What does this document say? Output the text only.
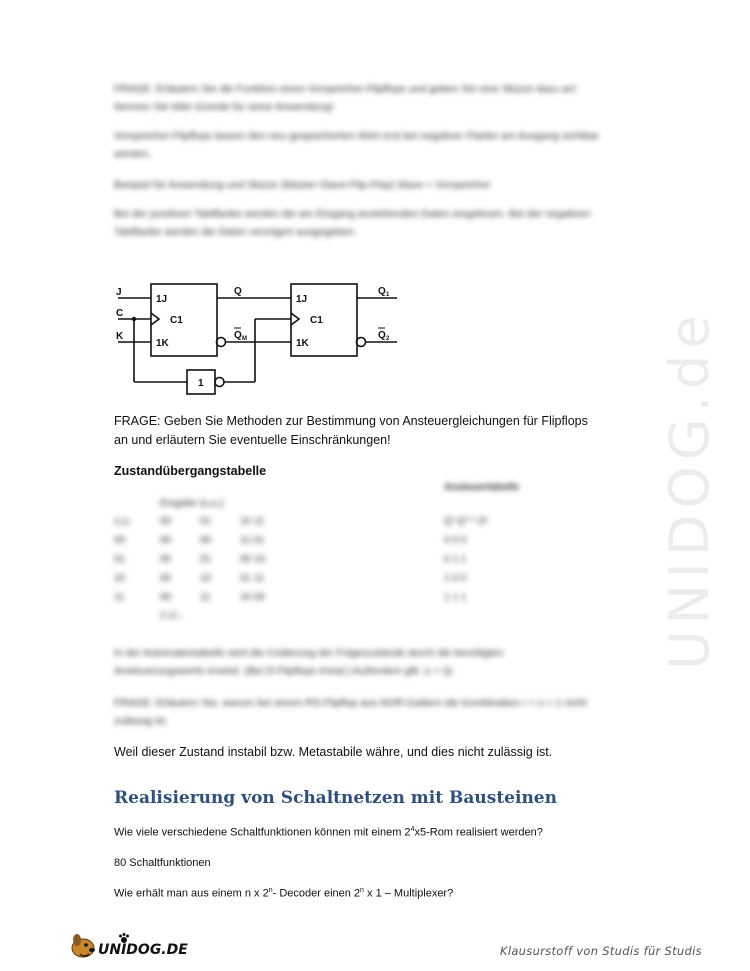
UNIDOG.de
FRAGE: Erläutern Sie die Funktion eines Vorspeicher-Flipflops und geben Sie eine Skizze dazu an! Nennen Sie bitte Gründe für seine Anwendung!
Vorspeicher-Flipflops lassen den neu gespeicherten Wert erst bei negativer Flanke am Ausgang sichtbar werden.
Beispiel für Anwendung und Skizze (Master-Slave-Flip-Flop) Slave = Vorspeicher
Bei der positiven Taktflanke werden die am Eingang anstehenden Daten eingelesen. Bei der negativen Taktflanke werden die Daten verzögert ausgegeben.
J
C
K
1J
C1
1K
1J
C1
1K
Q
Q M
Q 1
Q 2
1
FRAGE: Geben Sie Methoden zur Bestimmung von Ansteuergleichungen für Flipflops an und erläutern Sie eventuelle Einschränkungen!
Zustandübergangstabelle
Eingabe (x₁x₂)
z₁z₂	00	01	10 11
00	00	00	11 01
01	00	01	00 10
10	00	10	01 11
11	00	11	10 00
z'₁z'₂
Ansteuertabelle
Qᵗ Qᵗ⁺¹ Dᵗ
0 0 0
0 1 1
1 0 0
1 1 1
In der Automatentabelle wird die Codierung der Folgezustände durch die benötigten Ansteuerungswerte ersetzt. (Bei D-Flipflops trivial.) Außerdem gilt: zᵢ = Qᵢ
FRAGE: Erläutern Sie, warum bei einem RS-Flipflop aus NOR-Gattern die Kombination r = s = 1 nicht zulässig ist.
Weil dieser Zustand instabil bzw. Metastabile währe, und dies nicht zulässig ist.
Realisierung von Schaltnetzen mit Bausteinen
Wie viele verschiedene Schaltfunktionen können mit einem $2^4x5$-Rom realisiert werden?
80 Schaltfunktionen
Wie erhält man aus einem n x 2$^n$- Decoder einen 2$^n$ x 1 – Multiplexer?
UNIDOG.DE	Klausurstoff von Studis für Studis
